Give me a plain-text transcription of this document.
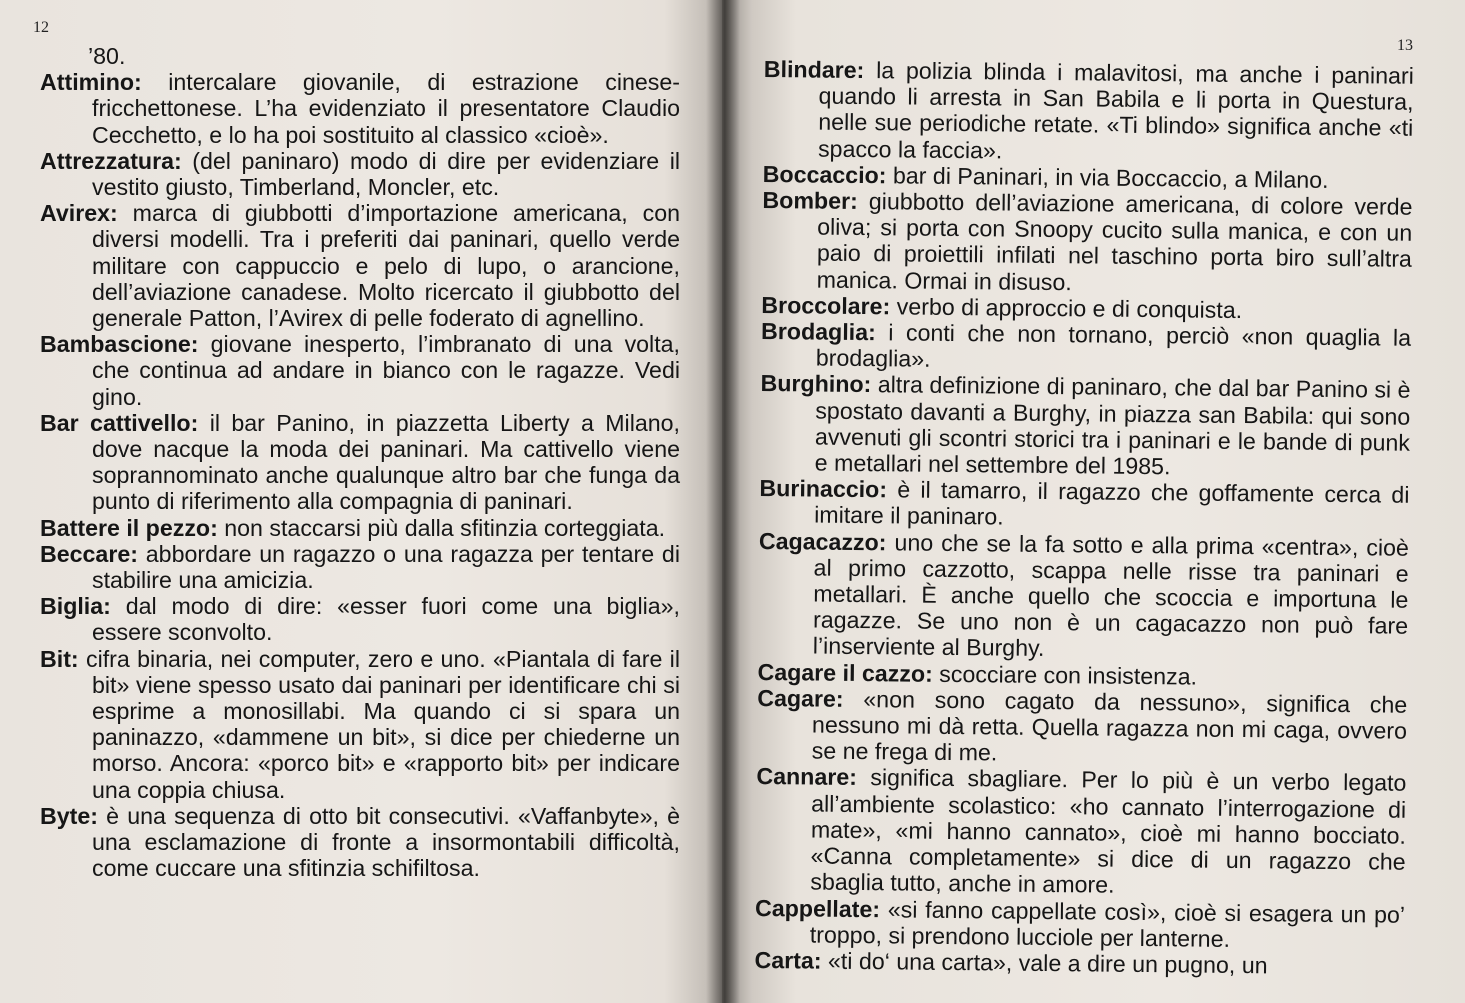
12

’80.

Attimino: intercalare giovanile, di estrazione cinese-fricchettonese. L’ha evidenziato il presentatore Claudio Cecchetto, e lo ha poi sostituito al classico «cioè».

Attrezzatura: (del paninaro) modo di dire per evidenziare il vestito giusto, Timberland, Moncler, etc.

Avirex: marca di giubbotti d’importazione americana, con diversi modelli. Tra i preferiti dai paninari, quello verde militare con cappuccio e pelo di lupo, o arancione, dell’aviazione canadese. Molto ricercato il giubbotto del generale Patton, l’Avirex di pelle foderato di agnellino.

Bambascione: giovane inesperto, l’imbranato di una volta, che continua ad andare in bianco con le ragazze. Vedi gino.

Bar cattivello: il bar Panino, in piazzetta Liberty a Milano, dove nacque la moda dei paninari. Ma cattivello viene soprannominato anche qualunque altro bar che funga da punto di riferimento alla compagnia di paninari.

Battere il pezzo: non staccarsi più dalla sfitinzia corteggiata.

Beccare: abbordare un ragazzo o una ragazza per tentare di stabilire una amicizia.

Biglia: dal modo di dire: «esser fuori come una biglia», essere sconvolto.

Bit: cifra binaria, nei computer, zero e uno. «Piantala di fare il bit» viene spesso usato dai paninari per identificare chi si esprime a monosillabi. Ma quando ci si spara un paninazzo, «dammene un bit», si dice per chiederne un morso. Ancora: «porco bit» e «rapporto bit» per indicare una coppia chiusa.

Byte: è una sequenza di otto bit consecutivi. «Vaffanbyte», è una esclamazione di fronte a insormontabili difficoltà, come cuccare una sfitinzia schifiltosa.

13

Blindare: la polizia blinda i malavitosi, ma anche i paninari quando li arresta in San Babila e li porta in Questura, nelle sue periodiche retate. «Ti blindo» significa anche «ti spacco la faccia».

Boccaccio: bar di Paninari, in via Boccaccio, a Milano.

Bomber: giubbotto dell’aviazione americana, di colore verde oliva; si porta con Snoopy cucito sulla manica, e con un paio di proiettili infilati nel taschino porta biro sull’altra manica. Ormai in disuso.

Broccolare: verbo di approccio e di conquista.

Brodaglia: i conti che non tornano, perciò «non quaglia la brodaglia».

Burghino: altra definizione di paninaro, che dal bar Panino si è spostato davanti a Burghy, in piazza san Babila: qui sono avvenuti gli scontri storici tra i paninari e le bande di punk e metallari nel settembre del 1985.

Burinaccio: è il tamarro, il ragazzo che goffamente cerca di imitare il paninaro.

Cagacazzo: uno che se la fa sotto e alla prima «centra», cioè al primo cazzotto, scappa nelle risse tra paninari e metallari. È anche quello che scoccia e importuna le ragazze. Se uno non è un cagacazzo non può fare l’inserviente al Burghy.

Cagare il cazzo: scocciare con insistenza.

Cagare: «non sono cagato da nessuno», significa che nessuno mi dà retta. Quella ragazza non mi caga, ovvero se ne frega di me.

Cannare: significa sbagliare. Per lo più è un verbo legato all’ambiente scolastico: «ho cannato l’interrogazione di mate», «mi hanno cannato», cioè mi hanno bocciato. «Canna completamente» si dice di un ragazzo che sbaglia tutto, anche in amore.

Cappellate: «si fanno cappellate così», cioè si esagera un po’ troppo, si prendono lucciole per lanterne.

Carta: «ti do‘ una carta», vale a dire un pugno, un
